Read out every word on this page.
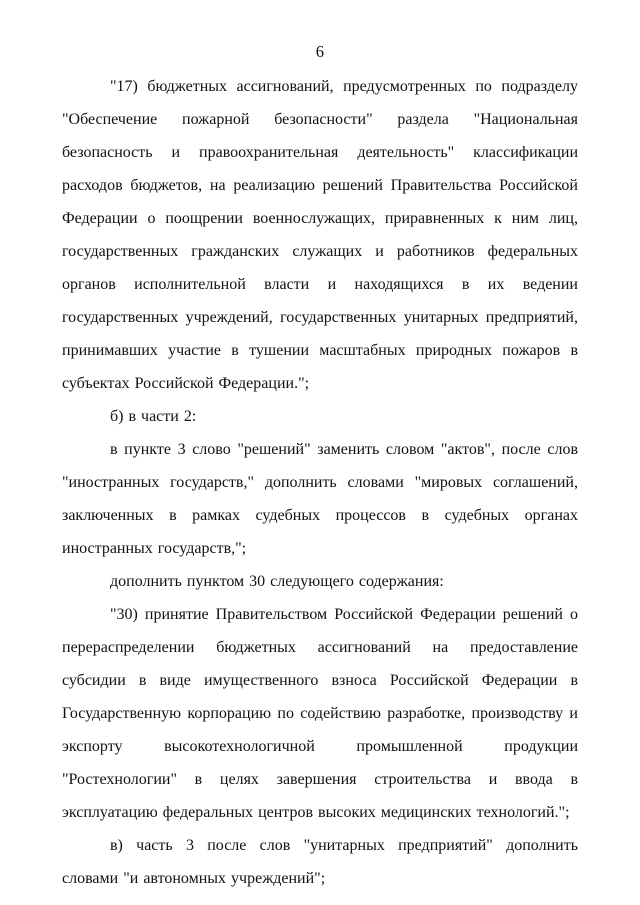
6

"17) бюджетных ассигнований, предусмотренных по подразделу "Обеспечение пожарной безопасности" раздела "Национальная безопасность и правоохранительная деятельность" классификации расходов бюджетов, на реализацию решений Правительства Российской Федерации о поощрении военнослужащих, приравненных к ним лиц, государственных гражданских служащих и работников федеральных органов исполнительной власти и находящихся в их ведении государственных учреждений, государственных унитарных предприятий, принимавших участие в тушении масштабных природных пожаров в субъектах Российской Федерации.";

б) в части 2:

в пункте 3 слово "решений" заменить словом "актов", после слов "иностранных государств," дополнить словами "мировых соглашений, заключенных в рамках судебных процессов в судебных органах иностранных государств,";

дополнить пунктом 30 следующего содержания:

"30) принятие Правительством Российской Федерации решений о перераспределении бюджетных ассигнований на предоставление субсидии в виде имущественного взноса Российской Федерации в Государственную корпорацию по содействию разработке, производству и экспорту высокотехнологичной промышленной продукции "Ростехнологии" в целях завершения строительства и ввода в эксплуатацию федеральных центров высоких медицинских технологий.";

в) часть 3 после слов "унитарных предприятий" дополнить словами "и автономных учреждений";
